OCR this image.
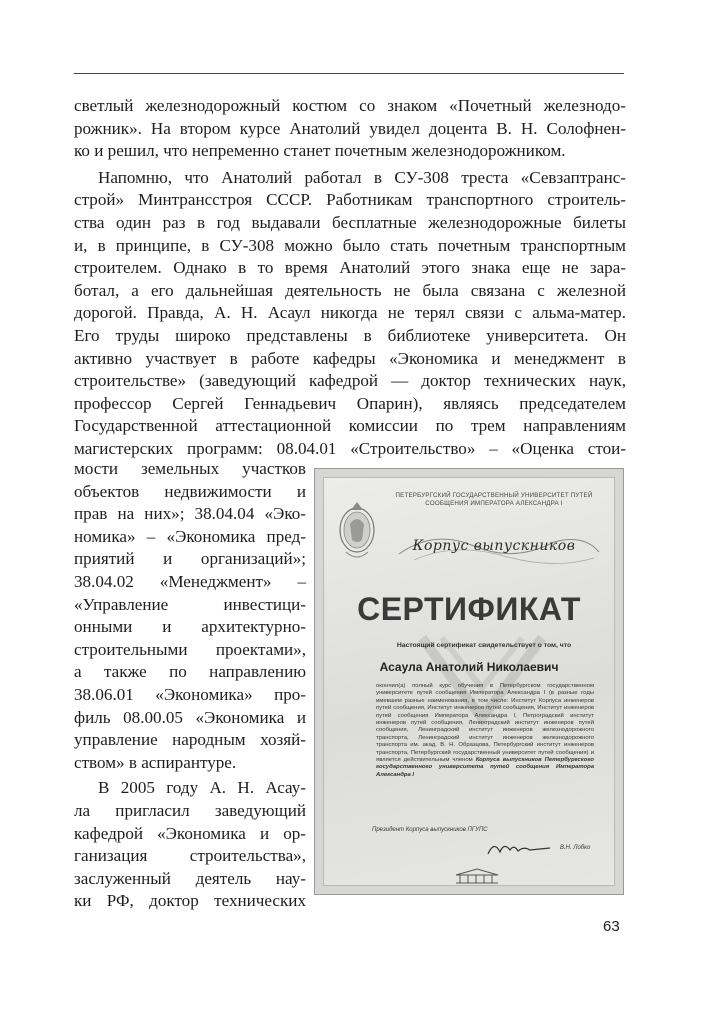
светлый железнодорожный костюм со знаком «Почетный железнодо-
рожник». На втором курсе Анатолий увидел доцента В. Н. Солофнен-
ко и решил, что непременно станет почетным железнодорожником.
Напомню, что Анатолий работал в СУ-308 треста «Севзаптранс-
строй» Минтрансстроя СССР. Работникам транспортного строитель-
ства один раз в год выдавали бесплатные железнодорожные билеты
и, в принципе, в СУ-308 можно было стать почетным транспортным
строителем. Однако в то время Анатолий этого знака еще не зара-
ботал, а его дальнейшая деятельность не была связана с железной
дорогой. Правда, А. Н. Асаул никогда не терял связи с альма-матер.
Его труды широко представлены в библиотеке университета. Он
активно участвует в работе кафедры «Экономика и менеджмент в
строительстве» (заведующий кафедрой — доктор технических наук,
профессор Сергей Геннадьевич Опарин), являясь председателем
Государственной аттестационной комиссии по трем направлениям
магистерских программ: 08.04.01 «Строительство» – «Оценка стои-
мости земельных участков
объектов недвижимости и
прав на них»; 38.04.04 «Эко-
номика» – «Экономика пред-
приятий и организаций»;
38.04.02 «Менеджмент» –
«Управление инвестици-
онными и архитектурно-
строительными проектами»,
а также по направлению
38.06.01 «Экономика» про-
филь 08.00.05 «Экономика и
управление народным хозяй-
ством» в аспирантуре.
В 2005 году А. Н. Асау-
ла пригласил заведующий
кафедрой «Экономика и ор-
ганизация строительства»,
заслуженный деятель нау-
ки РФ, доктор технических
ПЕТЕРБУРГСКИЙ ГОСУДАРСТВЕННЫЙ УНИВЕРСИТЕТ ПУТЕЙ СООБЩЕНИЯ ИМПЕРАТОРА АЛЕКСАНДРА I
Корпус выпускников
СЕРТИФИКАТ
Настоящий сертификат свидетельствует о том, что
Асаула Анатолий Николаевич
окончил(а) полный курс обучения в Петербургском государственном университете путей сообщения Императора Александра I (в разные годы имевшем разные наименования, в том числе: Институт Корпуса инженеров путей сообщения, Институт инженеров путей сообщения, Институт инженеров путей сообщения Императора Александра I, Петроградский институт инженеров путей сообщения, Ленинградский институт инженеров путей сообщения, Ленинградский институт инженеров железнодорожного транспорта, Ленинградский институт инженеров железнодорожного транспорта им. акад. В. Н. Образцова, Петербургский институт инженеров транспорта, Петербургский государственный университет путей сообщения) и является действительным членом Корпуса выпускников Петербургского государственного университета путей сообщения Императора Александра I
Президент Корпуса выпускников ПГУПС
В.Н. Лобко
63
